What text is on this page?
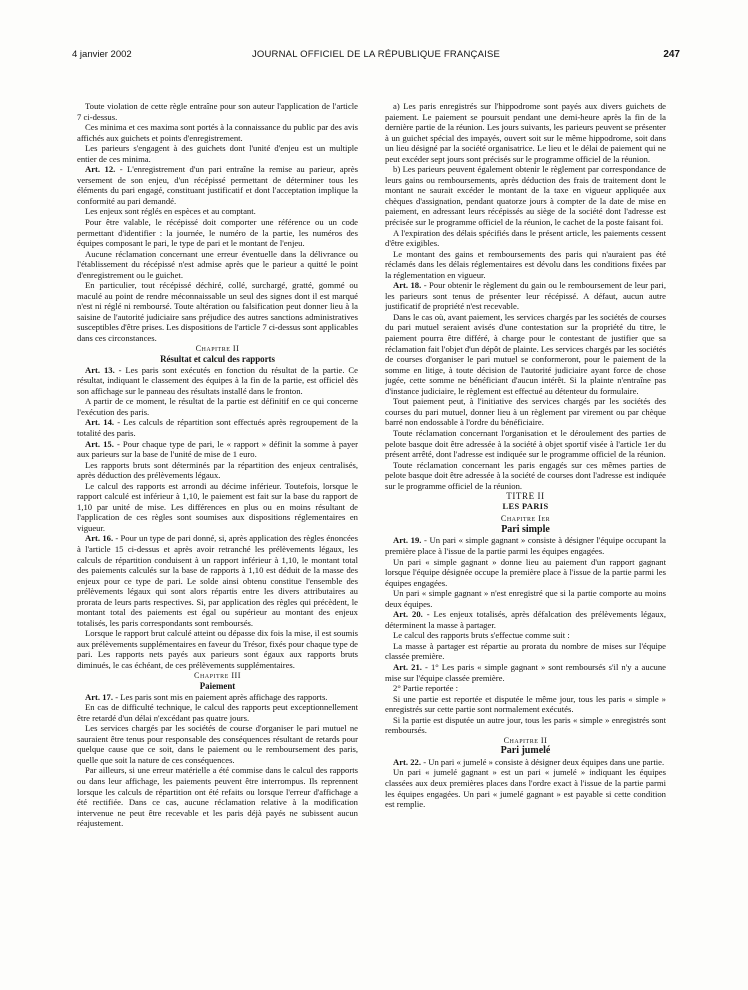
4 janvier 2002	JOURNAL OFFICIEL DE LA RÉPUBLIQUE FRANÇAISE	247

Toute violation de cette règle entraîne pour son auteur l'application de l'article 7 ci-dessus.

Ces minima et ces maxima sont portés à la connaissance du public par des avis affichés aux guichets et points d'enregistrement.

Les parieurs s'engagent à des guichets dont l'unité d'enjeu est un multiple entier de ces minima.

Art. 12. - L'enregistrement d'un pari entraîne la remise au parieur, après versement de son enjeu, d'un récépissé permettant de déterminer tous les éléments du pari engagé, constituant justificatif et dont l'acceptation implique la conformité au pari demandé.

Les enjeux sont réglés en espèces et au comptant.

Pour être valable, le récépissé doit comporter une référence ou un code permettant d'identifier : la journée, le numéro de la partie, les numéros des équipes composant le pari, le type de pari et le montant de l'enjeu.

Aucune réclamation concernant une erreur éventuelle dans la délivrance ou l'établissement du récépissé n'est admise après que le parieur a quitté le point d'enregistrement ou le guichet.

En particulier, tout récépissé déchiré, collé, surchargé, gratté, gommé ou maculé au point de rendre méconnaissable un seul des signes dont il est marqué n'est ni réglé ni remboursé. Toute altération ou falsification peut donner lieu à la saisine de l'autorité judiciaire sans préjudice des autres sanctions administratives susceptibles d'être prises. Les dispositions de l'article 7 ci-dessus sont applicables dans ces circonstances.

Chapitre II

Résultat et calcul des rapports

Art. 13. - Les paris sont exécutés en fonction du résultat de la partie. Ce résultat, indiquant le classement des équipes à la fin de la partie, est officiel dès son affichage sur le panneau des résultats installé dans le fronton.

A partir de ce moment, le résultat de la partie est définitif en ce qui concerne l'exécution des paris.

Art. 14. - Les calculs de répartition sont effectués après regroupement de la totalité des paris.

Art. 15. - Pour chaque type de pari, le « rapport » définit la somme à payer aux parieurs sur la base de l'unité de mise de 1 euro.

Les rapports bruts sont déterminés par la répartition des enjeux centralisés, après déduction des prélèvements légaux.

Le calcul des rapports est arrondi au décime inférieur. Toutefois, lorsque le rapport calculé est inférieur à 1,10, le paiement est fait sur la base du rapport de 1,10 par unité de mise. Les différences en plus ou en moins résultant de l'application de ces règles sont soumises aux dispositions réglementaires en vigueur.

Art. 16. - Pour un type de pari donné, si, après application des règles énoncées à l'article 15 ci-dessus et après avoir retranché les prélèvements légaux, les calculs de répartition conduisent à un rapport inférieur à 1,10, le montant total des paiements calculés sur la base de rapports à 1,10 est déduit de la masse des enjeux pour ce type de pari. Le solde ainsi obtenu constitue l'ensemble des prélèvements légaux qui sont alors répartis entre les divers attributaires au prorata de leurs parts respectives. Si, par application des règles qui précèdent, le montant total des paiements est égal ou supérieur au montant des enjeux totalisés, les paris correspondants sont remboursés.

Lorsque le rapport brut calculé atteint ou dépasse dix fois la mise, il est soumis aux prélèvements supplémentaires en faveur du Trésor, fixés pour chaque type de pari. Les rapports nets payés aux parieurs sont égaux aux rapports bruts diminués, le cas échéant, de ces prélèvements supplémentaires.

Chapitre III

Paiement

Art. 17. - Les paris sont mis en paiement après affichage des rapports.

En cas de difficulté technique, le calcul des rapports peut exceptionnellement être retardé d'un délai n'excédant pas quatre jours.

Les services chargés par les sociétés de course d'organiser le pari mutuel ne sauraient être tenus pour responsable des conséquences résultant de retards pour quelque cause que ce soit, dans le paiement ou le remboursement des paris, quelle que soit la nature de ces conséquences.

Par ailleurs, si une erreur matérielle a été commise dans le calcul des rapports ou dans leur affichage, les paiements peuvent être interrompus. Ils reprennent lorsque les calculs de répartition ont été refaits ou lorsque l'erreur d'affichage a été rectifiée. Dans ce cas, aucune réclamation relative à la modification intervenue ne peut être recevable et les paris déjà payés ne subissent aucun réajustement.

a) Les paris enregistrés sur l'hippodrome sont payés aux divers guichets de paiement. Le paiement se poursuit pendant une demi-heure après la fin de la dernière partie de la réunion. Les jours suivants, les parieurs peuvent se présenter à un guichet spécial des impayés, ouvert soit sur le même hippodrome, soit dans un lieu désigné par la société organisatrice. Le lieu et le délai de paiement qui ne peut excéder sept jours sont précisés sur le programme officiel de la réunion.

b) Les parieurs peuvent également obtenir le règlement par correspondance de leurs gains ou remboursements, après déduction des frais de traitement dont le montant ne saurait excéder le montant de la taxe en vigueur appliquée aux chèques d'assignation, pendant quatorze jours à compter de la date de mise en paiement, en adressant leurs récépissés au siège de la société dont l'adresse est précisée sur le programme officiel de la réunion, le cachet de la poste faisant foi.

A l'expiration des délais spécifiés dans le présent article, les paiements cessent d'être exigibles.

Le montant des gains et remboursements des paris qui n'auraient pas été réclamés dans les délais réglementaires est dévolu dans les conditions fixées par la réglementation en vigueur.

Art. 18. - Pour obtenir le règlement du gain ou le remboursement de leur pari, les parieurs sont tenus de présenter leur récépissé. A défaut, aucun autre justificatif de propriété n'est recevable.

Dans le cas où, avant paiement, les services chargés par les sociétés de courses du pari mutuel seraient avisés d'une contestation sur la propriété du titre, le paiement pourra être différé, à charge pour le contestant de justifier que sa réclamation fait l'objet d'un dépôt de plainte. Les services chargés par les sociétés de courses d'organiser le pari mutuel se conformeront, pour le paiement de la somme en litige, à toute décision de l'autorité judiciaire ayant force de chose jugée, cette somme ne bénéficiant d'aucun intérêt. Si la plainte n'entraîne pas d'instance judiciaire, le règlement est effectué au détenteur du formulaire.

Tout paiement peut, à l'initiative des services chargés par les sociétés des courses du pari mutuel, donner lieu à un règlement par virement ou par chèque barré non endossable à l'ordre du bénéficiaire.

Toute réclamation concernant l'organisation et le déroulement des parties de pelote basque doit être adressée à la société à objet sportif visée à l'article 1er du présent arrêté, dont l'adresse est indiquée sur le programme officiel de la réunion.

Toute réclamation concernant les paris engagés sur ces mêmes parties de pelote basque doit être adressée à la société de courses dont l'adresse est indiquée sur le programme officiel de la réunion.

TITRE II

LES PARIS

Chapitre Ier

Pari simple

Art. 19. - Un pari « simple gagnant » consiste à désigner l'équipe occupant la première place à l'issue de la partie parmi les équipes engagées.

Un pari « simple gagnant » donne lieu au paiement d'un rapport gagnant lorsque l'équipe désignée occupe la première place à l'issue de la partie parmi les équipes engagées.

Un pari « simple gagnant » n'est enregistré que si la partie comporte au moins deux équipes.

Art. 20. - Les enjeux totalisés, après défalcation des prélèvements légaux, déterminent la masse à partager.

Le calcul des rapports bruts s'effectue comme suit :

La masse à partager est répartie au prorata du nombre de mises sur l'équipe classée première.

Art. 21. - 1° Les paris « simple gagnant » sont remboursés s'il n'y a aucune mise sur l'équipe classée première.

2° Partie reportée :

Si une partie est reportée et disputée le même jour, tous les paris « simple » enregistrés sur cette partie sont normalement exécutés.

Si la partie est disputée un autre jour, tous les paris « simple » enregistrés sont remboursés.

Chapitre II

Pari jumelé

Art. 22. - Un pari « jumelé » consiste à désigner deux équipes dans une partie.

Un pari « jumelé gagnant » est un pari « jumelé » indiquant les équipes classées aux deux premières places dans l'ordre exact à l'issue de la partie parmi les équipes engagées. Un pari « jumelé gagnant » est payable si cette condition est remplie.
